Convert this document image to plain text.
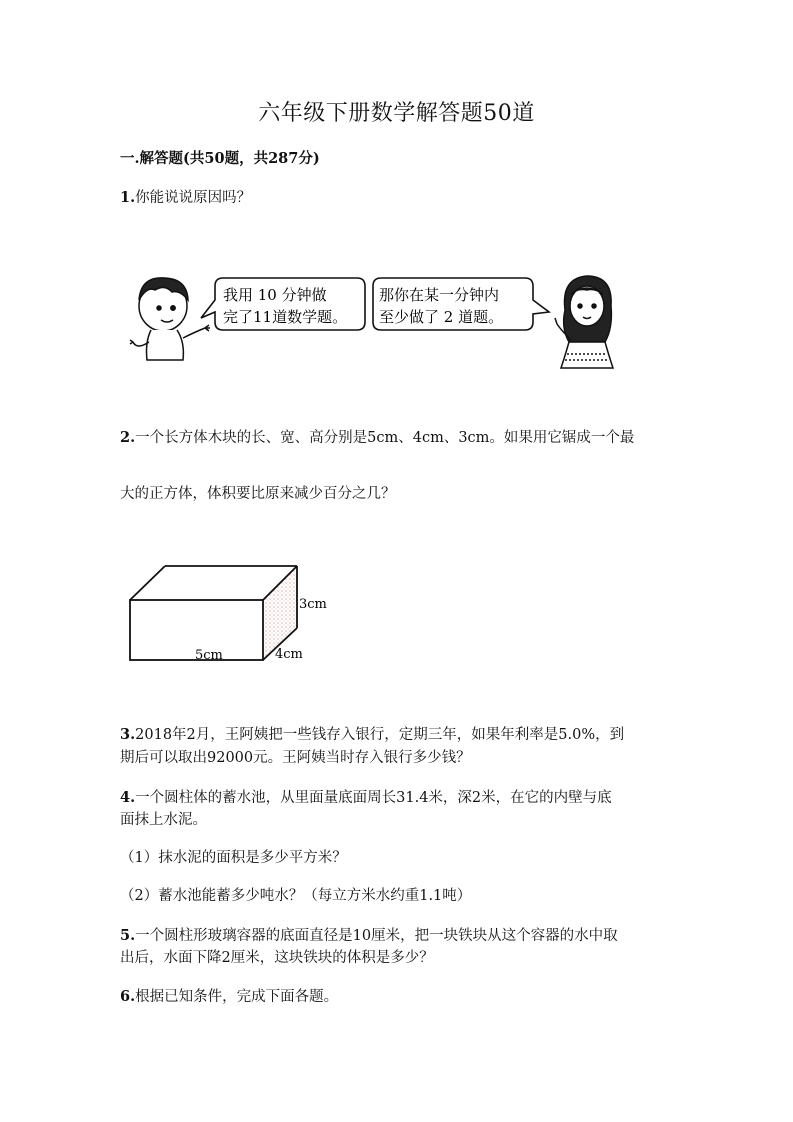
六年级下册数学解答题50道
一.解答题(共50题，共287分)
1.你能说说原因吗？
我用 10 分钟做
完了11道数学题。
那你在某一分钟内
至少做了 2 道题。
2.一个长方体木块的长、宽、高分别是5cm、4cm、3cm。如果用它锯成一个最
大的正方体，体积要比原来减少百分之几？
5cm	4cm
3cm
3.2018年2月，王阿姨把一些钱存入银行，定期三年，如果年利率是5.0%，到
期后可以取出92000元。王阿姨当时存入银行多少钱？
4.一个圆柱体的蓄水池，从里面量底面周长31.4米，深2米，在它的内壁与底
面抹上水泥。
（1）抹水泥的面积是多少平方米？
（2）蓄水池能蓄多少吨水？（每立方米水约重1.1吨）
5.一个圆柱形玻璃容器的底面直径是10厘米，把一块铁块从这个容器的水中取
出后，水面下降2厘米，这块铁块的体积是多少？
6.根据已知条件，完成下面各题。
